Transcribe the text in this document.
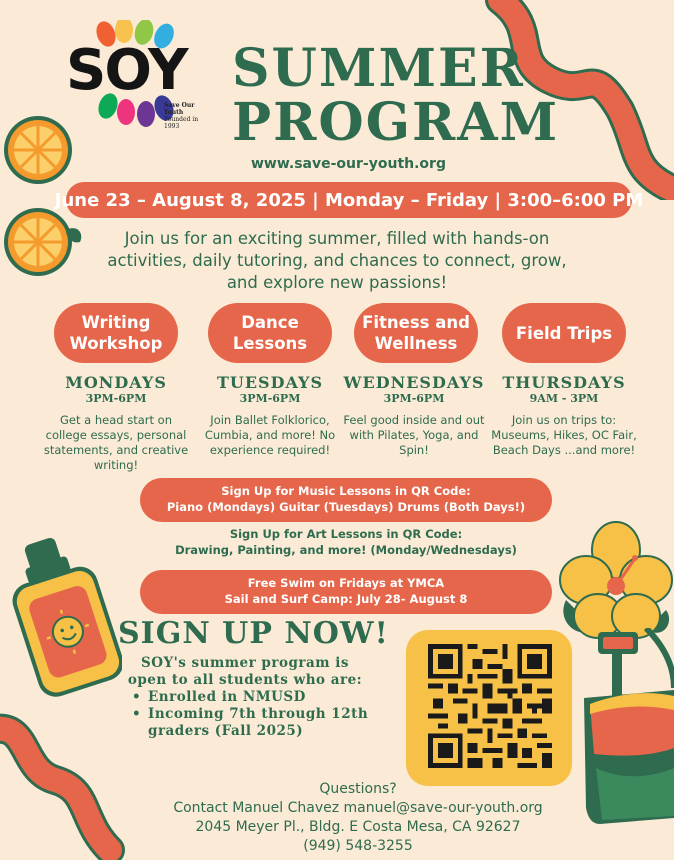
SOY
Save Our Youth
Founded in 1993
SUMMER
PROGRAM
www.save-our-youth.org
June 23 – August 8, 2025 | Monday – Friday | 3:00–6:00 PM
Join us for an exciting summer, filled with hands-on activities, daily tutoring, and chances to connect, grow, and explore new passions!
Writing Workshop
Dance Lessons
Fitness and Wellness
Field Trips
MONDAYS	TUESDAYS	WEDNESDAYS	THURSDAYS
3PM-6PM	3PM-6PM	3PM-6PM	9AM - 3PM
Get a head start on college essays, personal statements, and creative writing!
Join Ballet Folklorico, Cumbia, and more! No experience required!
Feel good inside and out with Pilates, Yoga, and Spin!
Join us on trips to: Museums, Hikes, OC Fair, Beach Days ...and more!
Sign Up for Music Lessons in QR Code:
Piano (Mondays) Guitar (Tuesdays) Drums (Both Days!)
Sign Up for Art Lessons in QR Code:
Drawing, Painting, and more! (Monday/Wednesdays)
Free Swim on Fridays at YMCA
Sail and Surf Camp: July 28- August 8
SIGN UP NOW!
SOY's summer program is open to all students who are:
• Enrolled in NMUSD
• Incoming 7th through 12th graders (Fall 2025)
Questions?
Contact Manuel Chavez manuel@save-our-youth.org
2045 Meyer Pl., Bldg. E Costa Mesa, CA 92627
(949) 548-3255
